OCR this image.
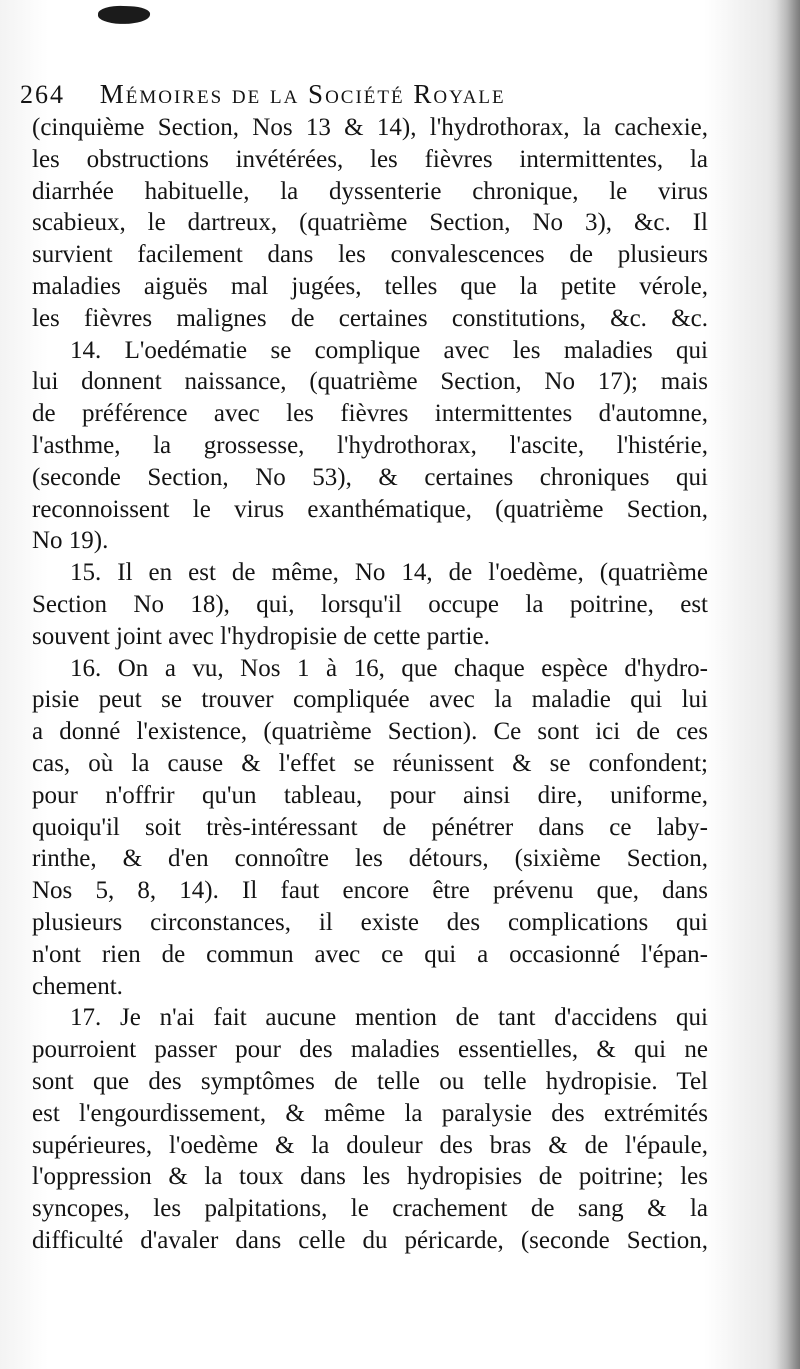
264 Mémoires de la Société Royale
(cinquième Section, Nos 13 & 14), l'hydrothorax, la cachexie,
les obstructions invétérées, les fièvres intermittentes, la
diarrhée habituelle, la dyssenterie chronique, le virus
scabieux, le dartreux, (quatrième Section, No 3), &c. Il
survient facilement dans les convalescences de plusieurs
maladies aiguës mal jugées, telles que la petite vérole,
les fièvres malignes de certaines constitutions, &c. &c.
14. L'oedématie se complique avec les maladies qui
lui donnent naissance, (quatrième Section, No 17); mais
de préférence avec les fièvres intermittentes d'automne,
l'asthme, la grossesse, l'hydrothorax, l'ascite, l'histérie,
(seconde Section, No 53), & certaines chroniques qui
reconnoissent le virus exanthématique, (quatrième Section,
No 19).
15. Il en est de même, No 14, de l'oedème, (quatrième
Section No 18), qui, lorsqu'il occupe la poitrine, est
souvent joint avec l'hydropisie de cette partie.
16. On a vu, Nos 1 à 16, que chaque espèce d'hydro-
pisie peut se trouver compliquée avec la maladie qui lui
a donné l'existence, (quatrième Section). Ce sont ici de ces
cas, où la cause & l'effet se réunissent & se confondent;
pour n'offrir qu'un tableau, pour ainsi dire, uniforme,
quoiqu'il soit très-intéressant de pénétrer dans ce laby-
rinthe, & d'en connoître les détours, (sixième Section,
Nos 5, 8, 14). Il faut encore être prévenu que, dans
plusieurs circonstances, il existe des complications qui
n'ont rien de commun avec ce qui a occasionné l'épan-
chement.
17. Je n'ai fait aucune mention de tant d'accidens qui
pourroient passer pour des maladies essentielles, & qui ne
sont que des symptômes de telle ou telle hydropisie. Tel
est l'engourdissement, & même la paralysie des extrémités
supérieures, l'oedème & la douleur des bras & de l'épaule,
l'oppression & la toux dans les hydropisies de poitrine; les
syncopes, les palpitations, le crachement de sang & la
difficulté d'avaler dans celle du péricarde, (seconde Section,
